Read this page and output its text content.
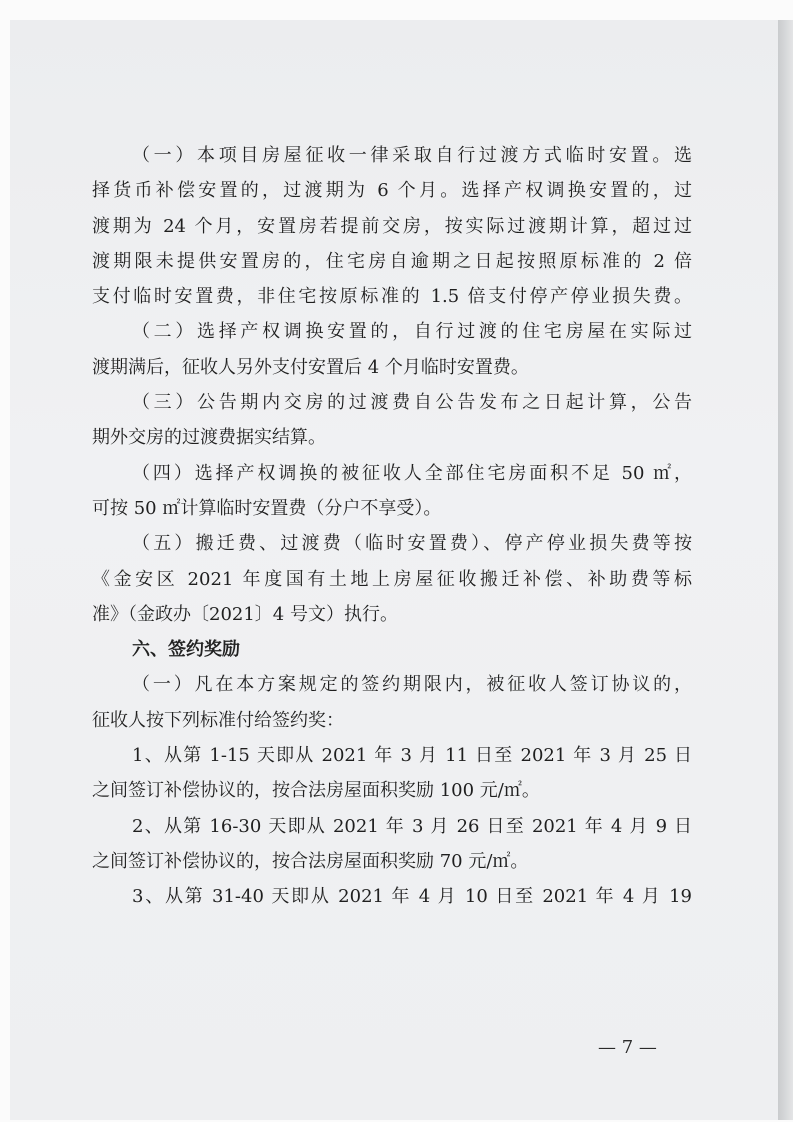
（一）本项目房屋征收一律采取自行过渡方式临时安置。选
择货币补偿安置的，过渡期为 6 个月。选择产权调换安置的，过
渡期为 24 个月，安置房若提前交房，按实际过渡期计算，超过过
渡期限未提供安置房的，住宅房自逾期之日起按照原标准的 2 倍
支付临时安置费，非住宅按原标准的 1.5 倍支付停产停业损失费。
（二）选择产权调换安置的，自行过渡的住宅房屋在实际过
渡期满后，征收人另外支付安置后 4 个月临时安置费。
（三）公告期内交房的过渡费自公告发布之日起计算，公告
期外交房的过渡费据实结算。
（四）选择产权调换的被征收人全部住宅房面积不足 50 ㎡，
可按 50 ㎡计算临时安置费（分户不享受）。
（五）搬迁费、过渡费（临时安置费）、停产停业损失费等按
《金安区 2021 年度国有土地上房屋征收搬迁补偿、补助费等标
准》（金政办〔2021〕4 号文）执行。
六、签约奖励
（一）凡在本方案规定的签约期限内，被征收人签订协议的，
征收人按下列标准付给签约奖：
1、从第 1-15 天即从 2021 年 3 月 11 日至 2021 年 3 月 25 日
之间签订补偿协议的，按合法房屋面积奖励 100 元/㎡。
2、从第 16-30 天即从 2021 年 3 月 26 日至 2021 年 4 月 9 日
之间签订补偿协议的，按合法房屋面积奖励 70 元/㎡。
3、从第 31-40 天即从 2021 年 4 月 10 日至 2021 年 4 月 19
— 7 —
